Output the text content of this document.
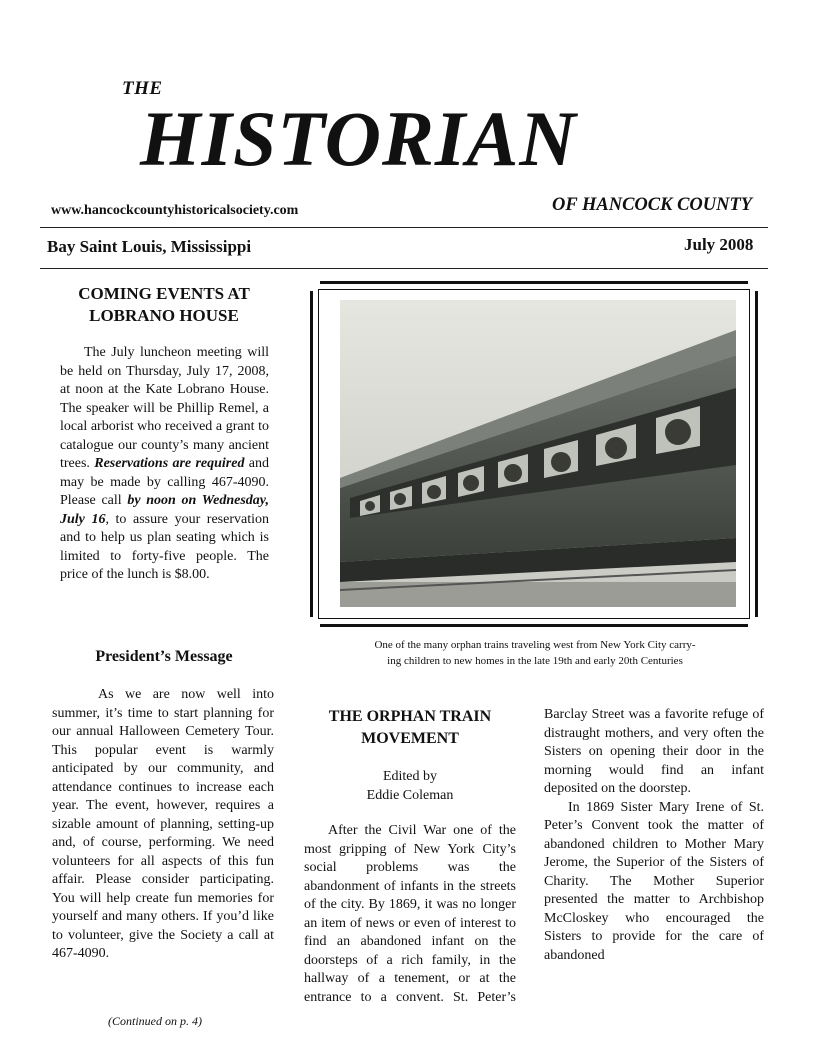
THE
HISTORIAN
www.hancockcountyhistoricalsociety.com	OF HANCOCK COUNTY
Bay Saint Louis, Mississippi	July 2008
COMING EVENTS AT
LOBRANO HOUSE

The July luncheon meeting will be held on Thursday, July 17, 2008, at noon at the Kate Lobrano House. The speaker will be Phillip Remel, a local arborist who received a grant to catalogue our county’s many ancient trees. Reservations are required and may be made by calling 467-4090. Please call by noon on Wednesday, July 16, to assure your reservation and to help us plan seating which is limited to forty-five people. The price of the lunch is $8.00.

President’s Message

As we are now well into summer, it’s time to start planning for our annual Halloween Cemetery Tour. This popular event is warmly anticipated by our community, and attendance continues to increase each year. The event, however, requires a sizable amount of planning, setting-up and, of course, performing. We need volunteers for all aspects of this fun affair. Please consider participating. You will help create fun memories for yourself and many others. If you’d like to volunteer, give the Society a call at 467-4090.

(Continued on p. 4)
One of the many orphan trains traveling west from New York City carry-
ing children to new homes in the late 19th and early 20th Centuries
THE ORPHAN TRAIN
MOVEMENT
Edited by
Eddie Coleman

After the Civil War one of the most gripping of New York City’s social problems was the abandonment of infants in the streets of the city. By 1869, it was no longer an item of news or even of interest to find an abandoned infant on the doorsteps of a rich family, in the hallway of a tenement, or at the entrance to a convent. St. Peter’s

Barclay Street was a favorite refuge of distraught mothers, and very often the Sisters on opening their door in the morning would find an infant deposited on the doorstep.

In 1869 Sister Mary Irene of St. Peter’s Convent took the matter of abandoned children to Mother Mary Jerome, the Superior of the Sisters of Charity. The Mother Superior presented the matter to Archbishop McCloskey who encouraged the Sisters to provide for the care of abandoned
